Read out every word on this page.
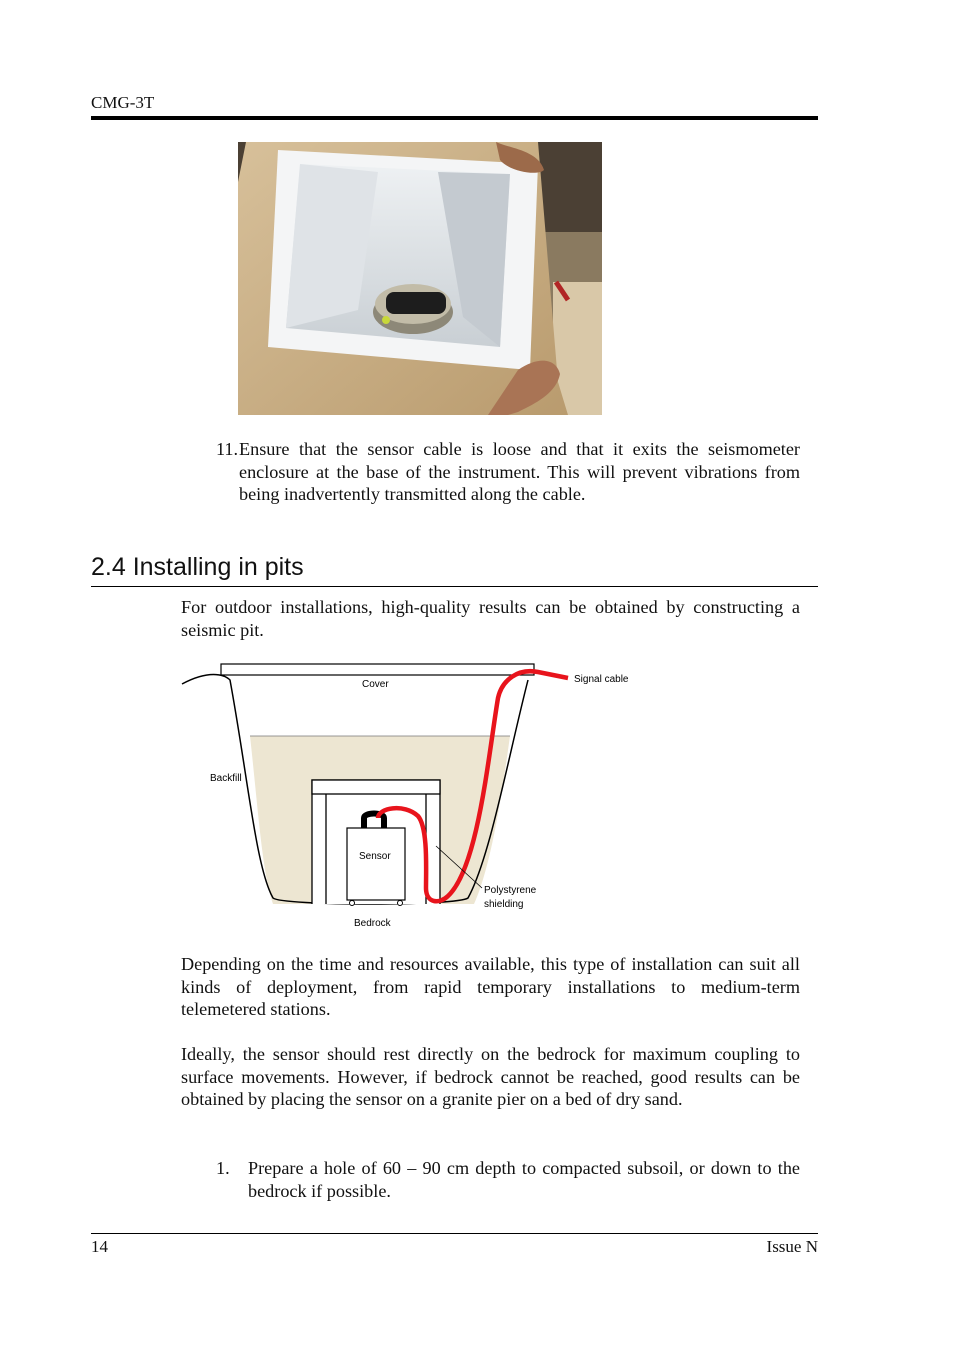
CMG-3T
11. Ensure that the sensor cable is loose and that it exits the seismometer enclosure at the base of the instrument. This will prevent vibrations from being inadvertently transmitted along the cable.

2.4 Installing in pits

For outdoor installations, high-quality results can be obtained by constructing a seismic pit.

Cover	Signal cable
Backfill
Sensor
Polystyrene
shielding
Bedrock

Depending on the time and resources available, this type of installation can suit all kinds of deployment, from rapid temporary installations to medium-term telemetered stations.

Ideally, the sensor should rest directly on the bedrock for maximum coupling to surface movements. However, if bedrock cannot be reached, good results can be obtained by placing the sensor on a granite pier on a bed of dry sand.

1. Prepare a hole of 60 – 90 cm depth to compacted subsoil, or down to the bedrock if possible.

14	Issue N
